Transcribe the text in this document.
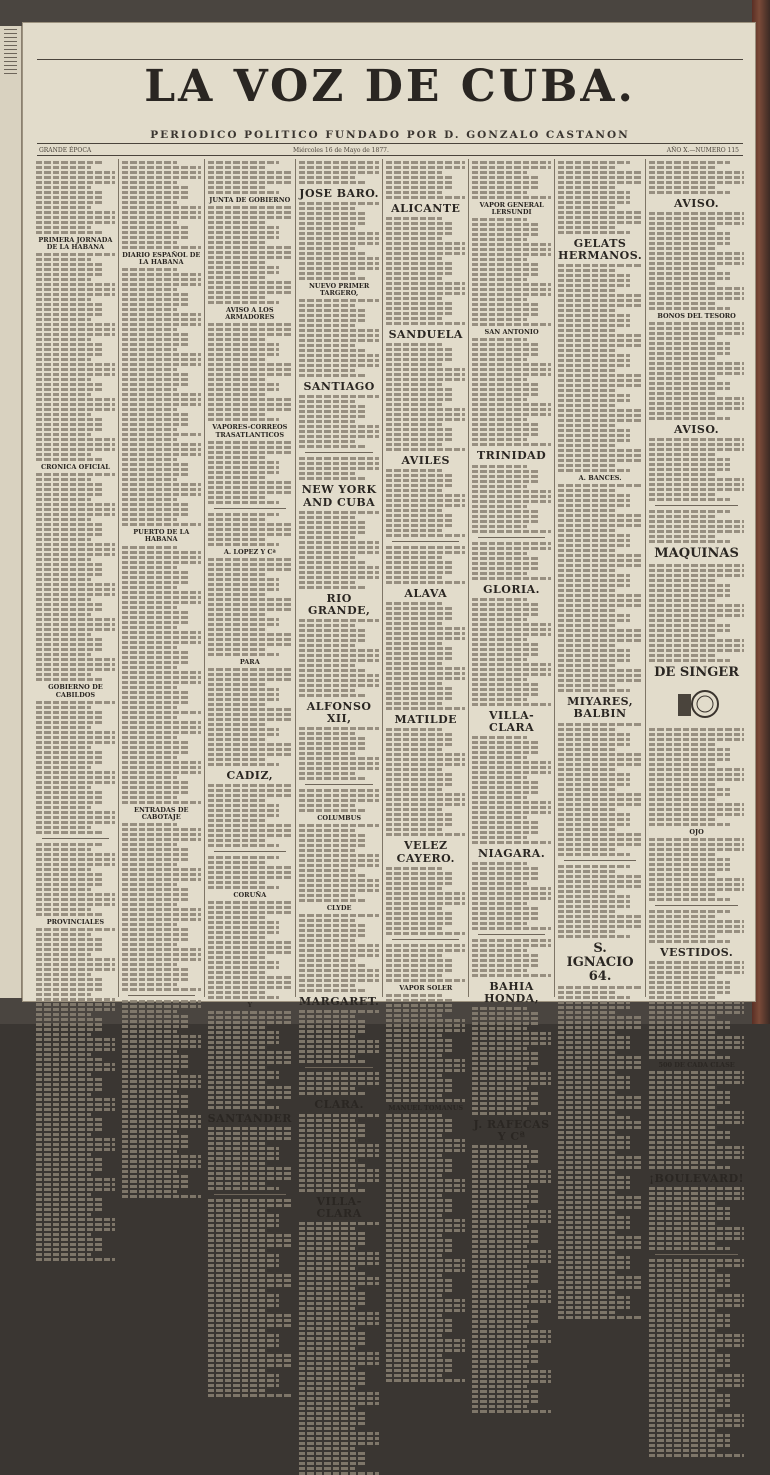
LA VOZ DE CUBA.
PERIODICO POLITICO FUNDADO POR D. GONZALO CASTANON
GRANDE ÉPOCA	Miércoles 16 de Mayo de 1877.	AÑO X.—NUMERO 115
PRIMERA JORNADA DE LA HABANA
CRONICA OFICIAL
GOBIERNO DE CABILDOS
PROVINCIALES
DIARIO ESPAÑOL DE LA HABANA
PUERTO DE LA HABANA
ENTRADAS DE CABOTAJE
JUNTA DE GOBIERNO
AVISO A LOS ARMADORES
VAPORES-CORREOS TRASATLANTICOS
A. LOPEZ Y Cª
PARA
CADIZ,
CORUÑA
Y
SANTANDER
JOSE BARO.
NUEVO PRIMER TARGERO,
SANTIAGO
NEW YORK AND CUBA
RIO GRANDE,
ALFONSO XII,
COLUMBUS
CLYDE
MARGARET.
CLARA.
VILLA-CLARA
ALICANTE
SANDUELA
AVILES
ALAVA
MATILDE
VELEZ CAYERO.
VAPOR SOLER
MANUEL TOMANUS
VAPOR GENERAL LERSUNDI
SAN ANTONIO
TRINIDAD
GLORIA.
VILLA-CLARA
NIAGARA.
BAHIA HONDA,
J. RAFECAS Y Cª
GELATS HERMANOS.
A. BANCES.
MIYARES, BALBIN
S. IGNACIO 64.
AVISO.
BONOS DEL TESORO
AVISO.
MAQUINAS
DE SINGER
OJO
VESTIDOS.
500 DE CADA CLASE
¡BOULEVARD!
